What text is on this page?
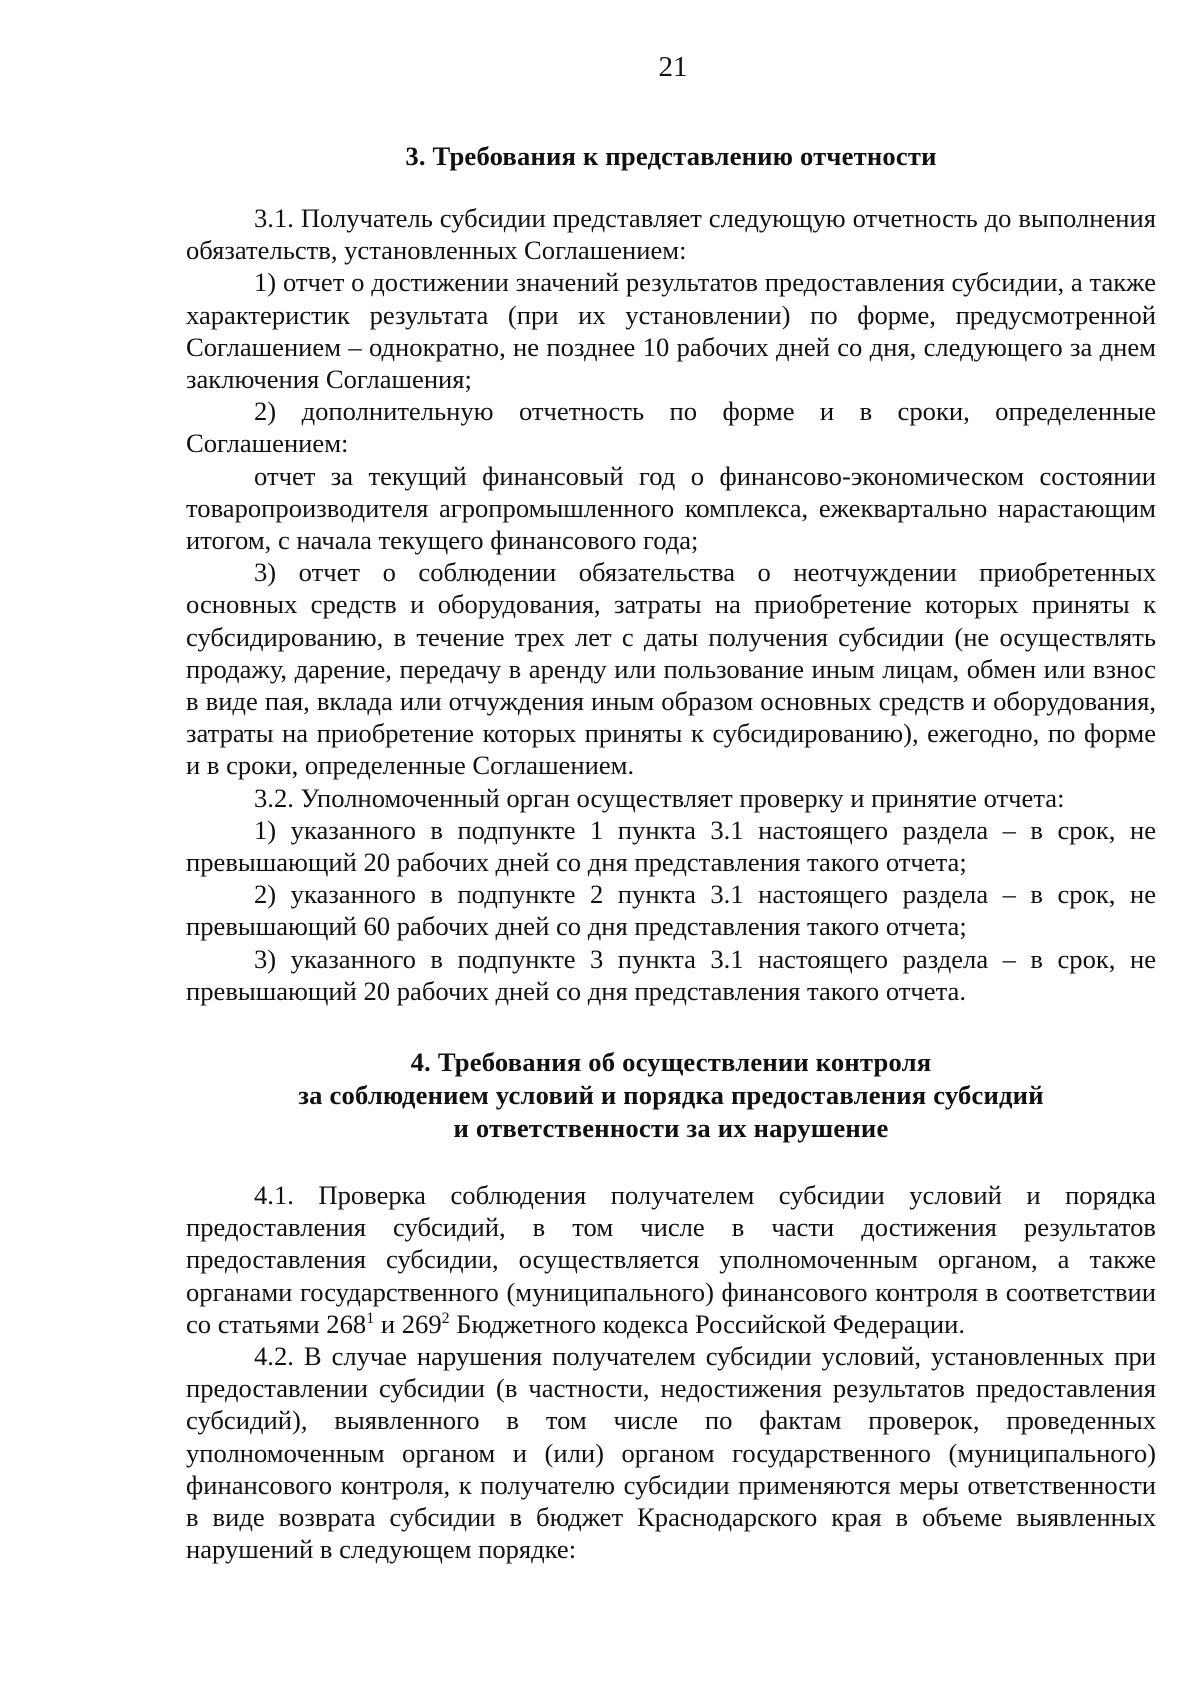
21
3. Требования к представлению отчетности

3.1. Получатель субсидии представляет следующую отчетность до выполнения обязательств, установленных Соглашением:

1) отчет о достижении значений результатов предоставления субсидии, а также характеристик результата (при их установлении) по форме, предусмотренной Соглашением – однократно, не позднее 10 рабочих дней со дня, следующего за днем заключения Соглашения;

2) дополнительную отчетность по форме и в сроки, определенные Соглашением:

отчет за текущий финансовый год о финансово-экономическом состоянии товаропроизводителя агропромышленного комплекса, ежеквартально нарастающим итогом, с начала текущего финансового года;

3) отчет о соблюдении обязательства о неотчуждении приобретенных основных средств и оборудования, затраты на приобретение которых приняты к субсидированию, в течение трех лет с даты получения субсидии (не осуществлять продажу, дарение, передачу в аренду или пользование иным лицам, обмен или взнос в виде пая, вклада или отчуждения иным образом основных средств и оборудования, затраты на приобретение которых приняты к субсидированию), ежегодно, по форме и в сроки, определенные Соглашением.

3.2. Уполномоченный орган осуществляет проверку и принятие отчета:

1) указанного в подпункте 1 пункта 3.1 настоящего раздела – в срок, не превышающий 20 рабочих дней со дня представления такого отчета;

2) указанного в подпункте 2 пункта 3.1 настоящего раздела – в срок, не превышающий 60 рабочих дней со дня представления такого отчета;

3) указанного в подпункте 3 пункта 3.1 настоящего раздела – в срок, не превышающий 20 рабочих дней со дня представления такого отчета.

4. Требования об осуществлении контроля
за соблюдением условий и порядка предоставления субсидий
и ответственности за их нарушение

4.1. Проверка соблюдения получателем субсидии условий и порядка предоставления субсидий, в том числе в части достижения результатов предоставления субсидии, осуществляется уполномоченным органом, а также органами государственного (муниципального) финансового контроля в соответствии со статьями $268^1$ и $269^2$ Бюджетного кодекса Российской Федерации.

4.2. В случае нарушения получателем субсидии условий, установленных при предоставлении субсидии (в частности, недостижения результатов предоставления субсидий), выявленного в том числе по фактам проверок, проведенных уполномоченным органом и (или) органом государственного (муниципального) финансового контроля, к получателю субсидии применяются меры ответственности в виде возврата субсидии в бюджет Краснодарского края в объеме выявленных нарушений в следующем порядке:
